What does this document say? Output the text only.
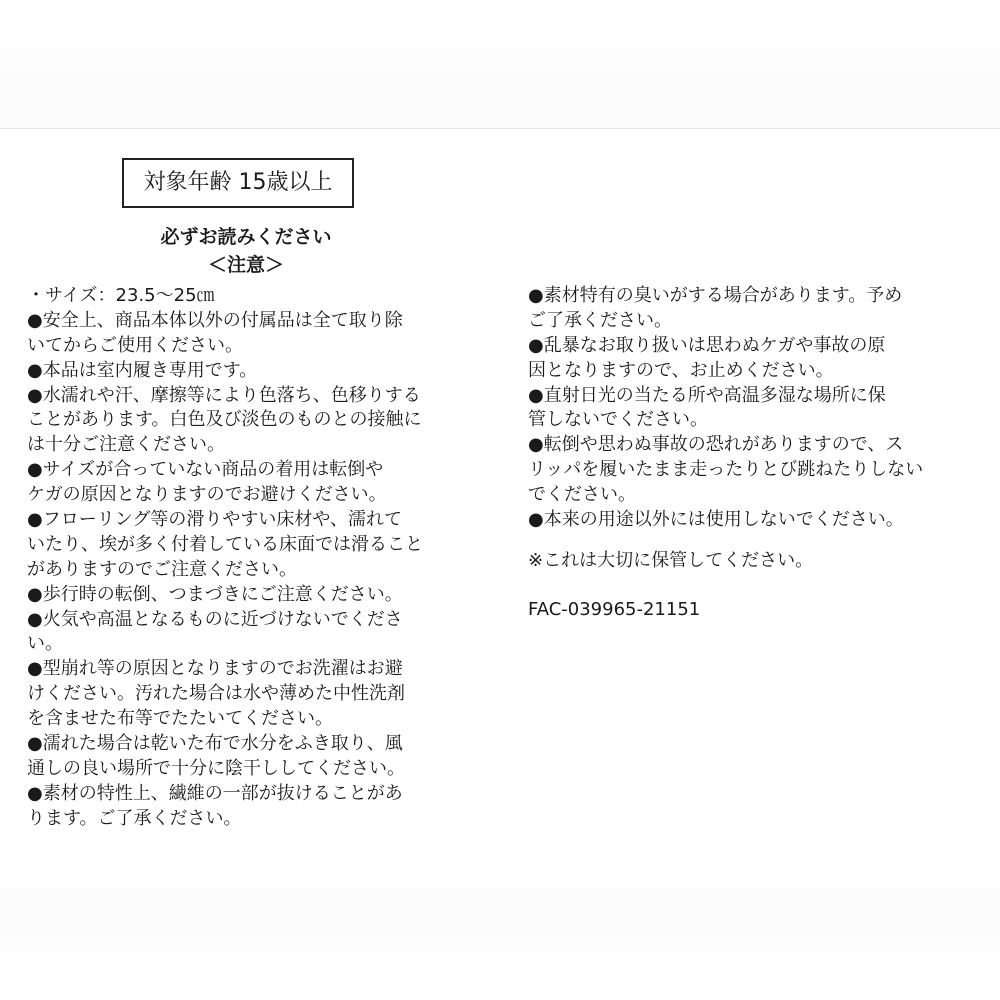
対象年齢 15歳以上
必ずお読みください
＜注意＞
・サイズ：23.5～25㎝
●安全上、商品本体以外の付属品は全て取り除
いてからご使用ください。
●本品は室内履き専用です。
●水濡れや汗、摩擦等により色落ち、色移りする
ことがあります。白色及び淡色のものとの接触に
は十分ご注意ください。
●サイズが合っていない商品の着用は転倒や
ケガの原因となりますのでお避けください。
●フローリング等の滑りやすい床材や、濡れて
いたり、埃が多く付着している床面では滑ること
がありますのでご注意ください。
●歩行時の転倒、つまづきにご注意ください。
●火気や高温となるものに近づけないでくださ
い。
●型崩れ等の原因となりますのでお洗濯はお避
けください。汚れた場合は水や薄めた中性洗剤
を含ませた布等でたたいてください。
●濡れた場合は乾いた布で水分をふき取り、風
通しの良い場所で十分に陰干ししてください。
●素材の特性上、繊維の一部が抜けることがあ
ります。ご了承ください。
●素材特有の臭いがする場合があります。予め
ご了承ください。
●乱暴なお取り扱いは思わぬケガや事故の原
因となりますので、お止めください。
●直射日光の当たる所や高温多湿な場所に保
管しないでください。
●転倒や思わぬ事故の恐れがありますので、ス
リッパを履いたまま走ったりとび跳ねたりしない
でください。
●本来の用途以外には使用しないでください。
※これは大切に保管してください。
FAC-039965-21151
